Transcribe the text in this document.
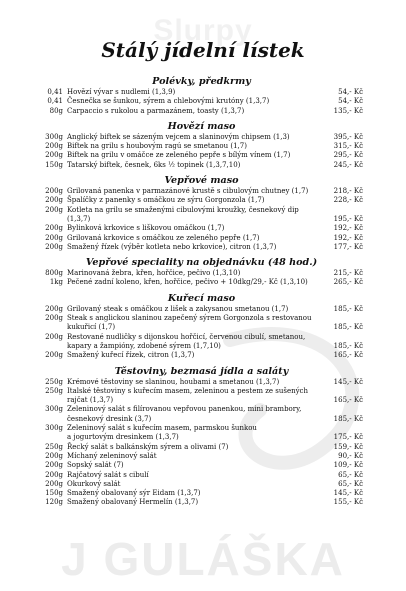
Slurpy
J GULÁŠKA
Stálý jídelní lístek
Polévky, předkrmy
0,41 Hovězí vývar s nudlemi (1,3,9)	54,- Kč
0,41 Česnečka se šunkou, sýrem a chlebovými krutóny (1,3,7)	54,- Kč
80g Carpaccio s rukolou a parmazánem, toasty (1,3,7)	135,- Kč
Hovězí maso
300g Anglický biftek se sázeným vejcem a slaninovým chipsem (1,3)	395,- Kč
200g Biftek na grilu s houbovým ragú se smetanou (1,7)	315,- Kč
200g Biftek na grilu v omáčce ze zeleného pepře s bílým vínem (1,7)	295,- Kč
150g Tatarský biftek, česnek, 6ks ½ topinek (1,3,7,10)	245,- Kč
Vepřové maso
200g Grilovaná panenka v parmazánové krustě s cibulovým chutney (1,7)	218,- Kč
200g Špalíčky z panenky s omáčkou ze sýru Gorgonzola (1,7)	228,- Kč
200g Kotleta na grilu se smaženými cibulovými kroužky, česnekový dip
(1,3,7)	195,- Kč
200g Bylinková krkovice s liškovou omáčkou (1,7)	192,- Kč
200g Grilovaná krkovice s omáčkou ze zeleného pepře (1,7)	192,- Kč
200g Smažený řízek (výběr kotleta nebo krkovice), citron (1,3,7)	177,- Kč
Vepřové speciality na objednávku (48 hod.)
800g Marinovaná žebra, křen, hořčice, pečivo (1,3,10)	215,- Kč
1kg Pečené zadní koleno, křen, hořčice, pečivo + 10dkg/29,- Kč (1,3,10)	265,- Kč
Kuřecí maso
200g Grilovaný steak s omáčkou z lišek a zakysanou smetanou (1,7)	185,- Kč
200g Steak s anglickou slaninou zapečený sýrem Gorgonzola s restovanou
kukuřicí (1,7)	185,- Kč
200g Restované nudličky s dijonskou hořčicí, červenou cibulí, smetanou,
kapary a žampióny, zdobené sýrem (1,7,10)	185,- Kč
200g Smažený kuřecí řízek, citron (1,3,7)	165,- Kč
Těstoviny, bezmasá jídla a saláty
250g Krémové těstoviny se slaninou, houbami a smetanou (1,3,7)	145,- Kč
250g Italské těstoviny s kuřecím masem, zeleninou a pestem ze sušených
rajčat (1,3,7)	165,- Kč
300g Zeleninový salát s filírovanou vepřovou panenkou, mini brambory,
česnekový dresink (3,7)	185,- Kč
300g Zeleninový salát s kuřecím masem, parmskou šunkou
a jogurtovým dresinkem (1,3,7)	175,- Kč
250g Řecký salát s balkánským sýrem a olivami (7)	159,- Kč
200g Míchaný zeleninový salát	90,- Kč
200g Sopský salát (7)	109,- Kč
200g Rajčatový salát s cibulí	65,- Kč
200g Okurkový salát	65,- Kč
150g Smažený obalovaný sýr Eidam (1,3,7)	145,- Kč
120g Smažený obalovaný Hermelín (1,3,7)	155,- Kč
